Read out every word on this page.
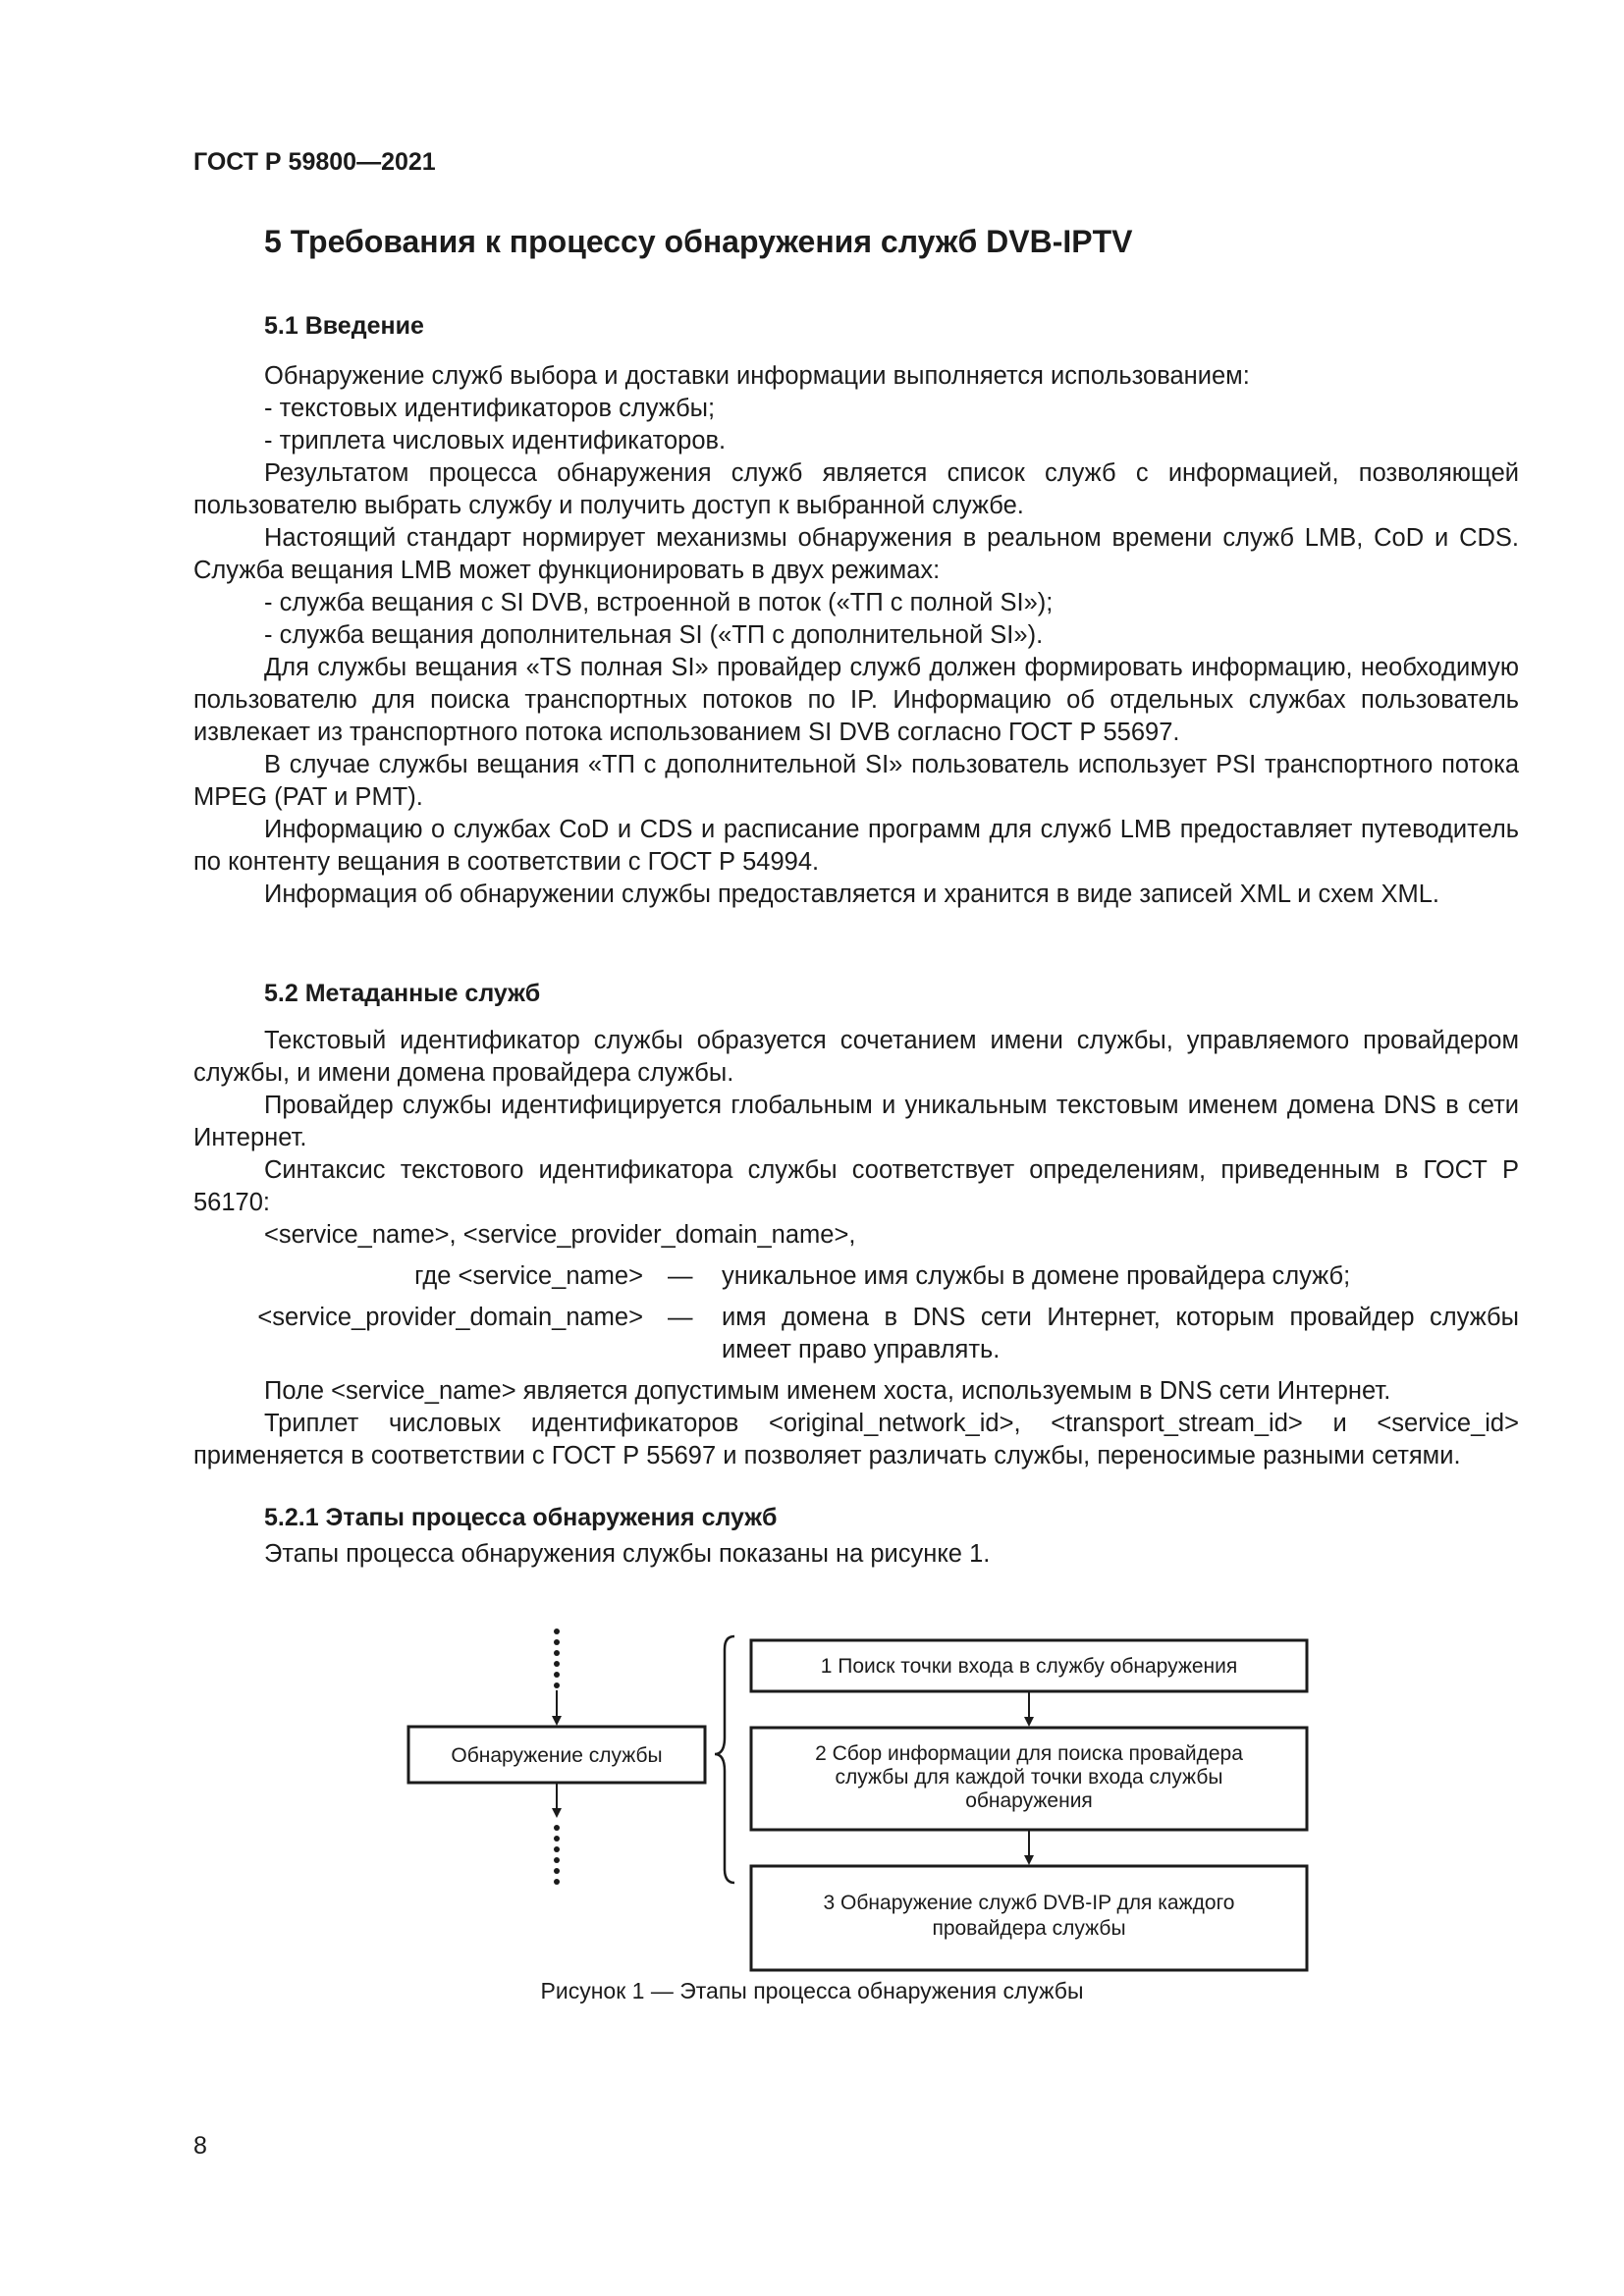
ГОСТ Р 59800—2021
5 Требования к процессу обнаружения служб DVB-IPTV
5.1 Введение

Обнаружение служб выбора и доставки информации выполняется использованием:

- текстовых идентификаторов службы;

- триплета числовых идентификаторов.

Результатом процесса обнаружения служб является список служб с информацией, позволяющей пользователю выбрать службу и получить доступ к выбранной службе.

Настоящий стандарт нормирует механизмы обнаружения в реальном времени служб LMB, CoD и CDS. Служба вещания LMB может функционировать в двух режимах:

- служба вещания с SI DVB, встроенной в поток («ТП с полной SI»);

- служба вещания дополнительная SI («ТП с дополнительной SI»).

Для службы вещания «TS полная SI» провайдер служб должен формировать информацию, необходимую пользователю для поиска транспортных потоков по IP. Информацию об отдельных службах пользователь извлекает из транспортного потока использованием SI DVB согласно ГОСТ Р 55697.

В случае службы вещания «ТП с дополнительной SI» пользователь использует PSI транспортного потока MPEG (PAT и PMT).

Информацию о службах CoD и CDS и расписание программ для служб LMB предоставляет путеводитель по контенту вещания в соответствии с ГОСТ Р 54994.

Информация об обнаружении службы предоставляется и хранится в виде записей XML и схем XML.

5.2 Метаданные служб

Текстовый идентификатор службы образуется сочетанием имени службы, управляемого провайдером службы, и имени домена провайдера службы.

Провайдер службы идентифицируется глобальным и уникальным текстовым именем домена DNS в сети Интернет.

Синтаксис текстового идентификатора службы соответствует определениям, приведенным в ГОСТ Р 56170:

<service_name>, <service_provider_domain_name>,

где <service_name> — уникальное имя службы в домене провайдера служб;
<service_provider_domain_name> — имя домена в DNS сети Интернет, которым провайдер службы имеет право управлять.

Поле <service_name> является допустимым именем хоста, используемым в DNS сети Интернет.

Триплет числовых идентификаторов <original_network_id>, <transport_stream_id> и <service_id> применяется в соответствии с ГОСТ Р 55697 и позволяет различать службы, переносимые разными сетями.

5.2.1 Этапы процесса обнаружения служб

Этапы процесса обнаружения службы показаны на рисунке 1.

Обнаружение службы
1 Поиск точки входа в службу обнаружения
2 Сбор информации для поиска провайдера
службы для каждой точки входа службы
обнаружения
3 Обнаружение служб DVB-IP для каждого
провайдера службы
Рисунок 1 — Этапы процесса обнаружения службы
8
